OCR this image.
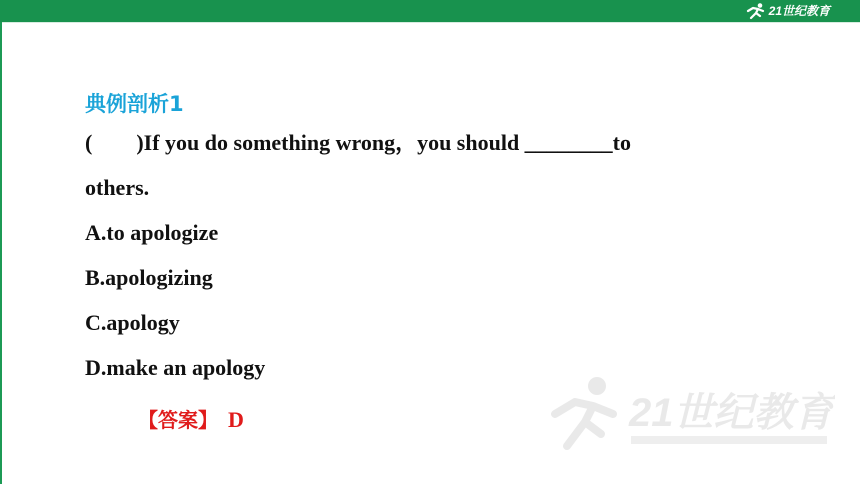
21世纪教育
典例剖析1
(　　)If you do something wrong，you should ________to
others.
A.to apologize
B.apologizing
C.apology
D.make an apology
【答案】 D	21世纪教育
